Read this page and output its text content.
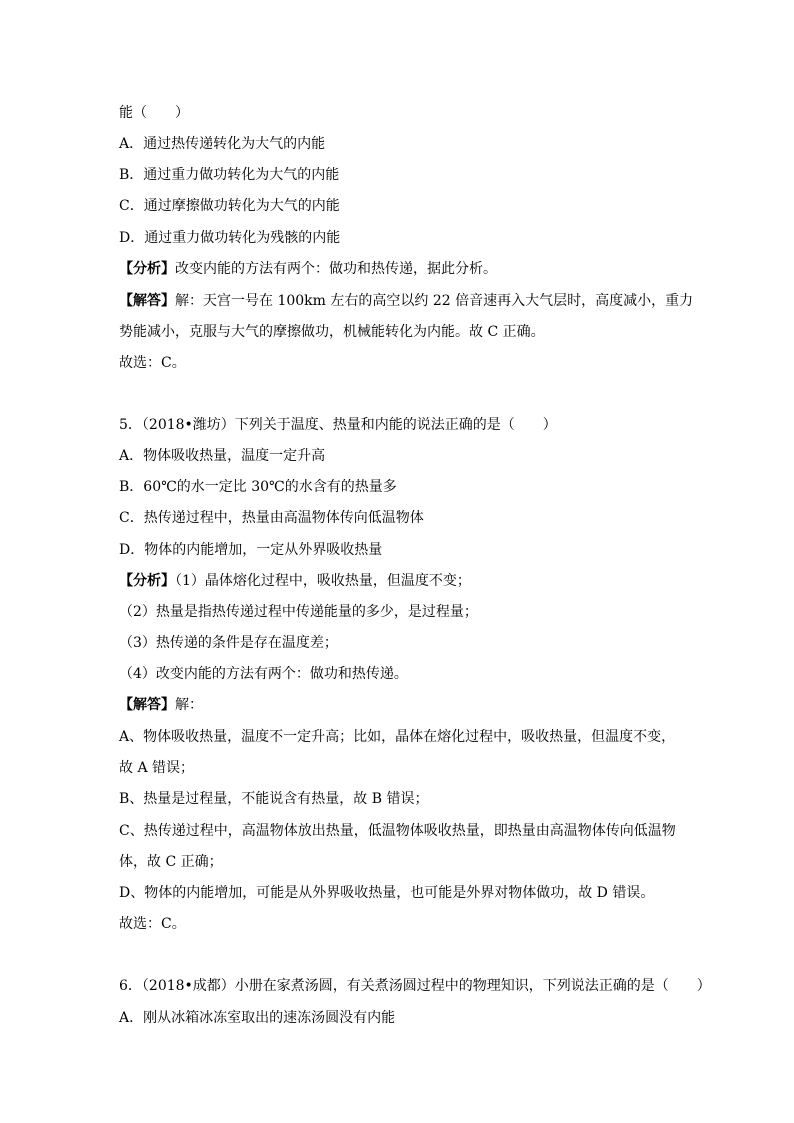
能（　　）
A．通过热传递转化为大气的内能
B．通过重力做功转化为大气的内能
C．通过摩擦做功转化为大气的内能
D．通过重力做功转化为残骸的内能
【分析】改变内能的方法有两个：做功和热传递，据此分析。
【解答】解：天宫一号在 100km 左右的高空以约 22 倍音速再入大气层时，高度减小，重力
势能减小，克服与大气的摩擦做功，机械能转化为内能。故 C 正确。
故选：C。
5．（2018•潍坊）下列关于温度、热量和内能的说法正确的是（　　）
A．物体吸收热量，温度一定升高
B．60℃的水一定比 30℃的水含有的热量多
C．热传递过程中，热量由高温物体传向低温物体
D．物体的内能增加，一定从外界吸收热量
【分析】（1）晶体熔化过程中，吸收热量，但温度不变；
（2）热量是指热传递过程中传递能量的多少，是过程量；
（3）热传递的条件是存在温度差；
（4）改变内能的方法有两个：做功和热传递。
【解答】解：
A、物体吸收热量，温度不一定升高；比如，晶体在熔化过程中，吸收热量，但温度不变，
故 A 错误；
B、热量是过程量，不能说含有热量，故 B 错误；
C、热传递过程中，高温物体放出热量，低温物体吸收热量，即热量由高温物体传向低温物
体，故 C 正确；
D、物体的内能增加，可能是从外界吸收热量，也可能是外界对物体做功，故 D 错误。
故选：C。
6．（2018•成都）小册在家煮汤圆，有关煮汤圆过程中的物理知识，下列说法正确的是（　　）
A．刚从冰箱冰冻室取出的速冻汤圆没有内能
